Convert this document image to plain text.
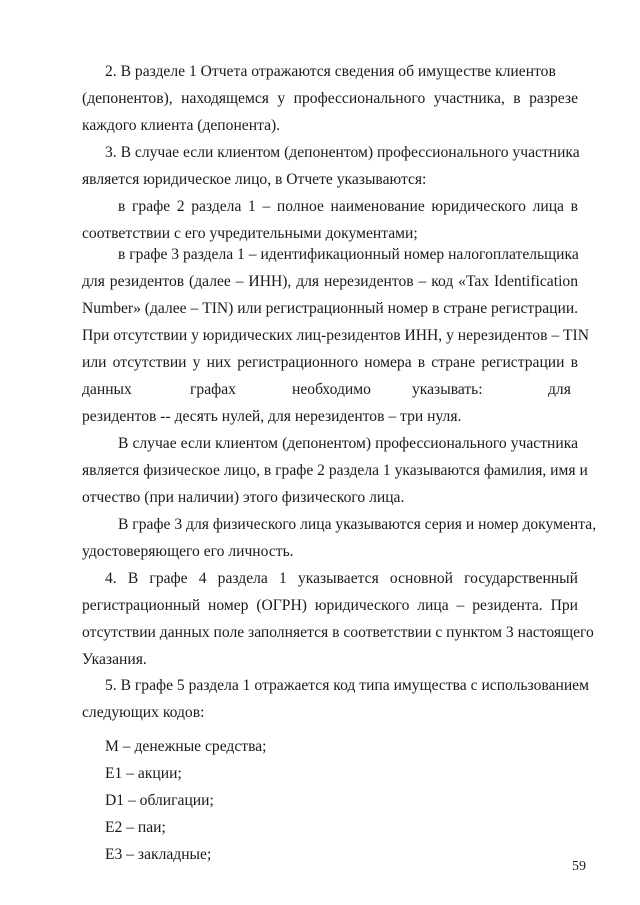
2. В разделе 1 Отчета отражаются сведения об имуществе клиентов
(депонентов), находящемся у профессионального участника, в разрезе
каждого клиента (депонента).
3. В случае если клиентом (депонентом) профессионального участника
является юридическое лицо, в Отчете указываются:
в графе 2 раздела 1 – полное наименование юридического лица в
соответствии с его учредительными документами;
в графе 3 раздела 1 – идентификационный номер налогоплательщика
для резидентов (далее – ИНН), для нерезидентов – код «Tax Identification
Number» (далее – TIN) или регистрационный номер в стране регистрации.
При отсутствии у юридических лиц-резидентов ИНН, у нерезидентов – TIN
или отсутствии у них регистрационного номера в стране регистрации в
данных	графах	необходимо	указывать:	для
резидентов -- десять нулей, для нерезидентов – три нуля.
В случае если клиентом (депонентом) профессионального участника
является физическое лицо, в графе 2 раздела 1 указываются фамилия, имя и
отчество (при наличии) этого физического лица.
В графе 3 для физического лица указываются серия и номер документа,
удостоверяющего его личность.
4. В графе 4 раздела 1 указывается основной государственный
регистрационный номер (ОГРН) юридического лица – резидента. При
отсутствии данных поле заполняется в соответствии с пунктом 3 настоящего
Указания.
5. В графе 5 раздела 1 отражается код типа имущества с использованием
следующих кодов:
М – денежные средства;
Е1 – акции;
D1 – облигации;
Е2 – паи;
Е3 – закладные;
59
